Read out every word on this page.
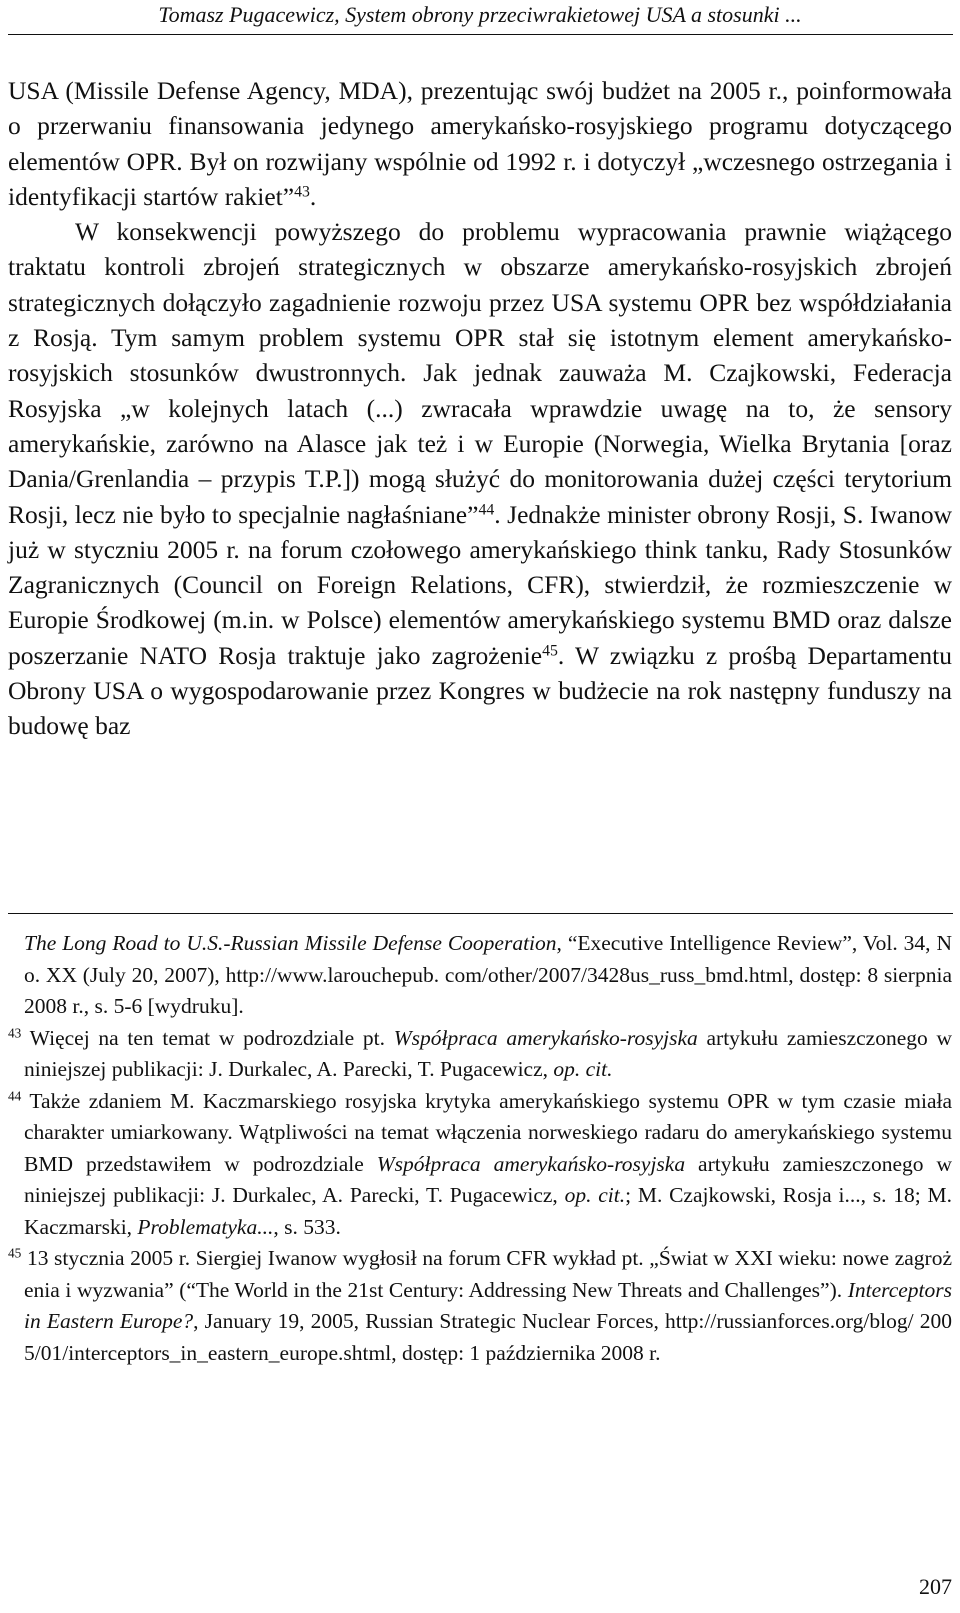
Tomasz Pugacewicz, System obrony przeciwrakietowej USA a stosunki ...

USA (Missile Defense Agency, MDA), prezentując swój budżet na 2005 r., poinformowała o przerwaniu finansowania jedynego amerykańsko-rosyjskiego programu dotyczącego elementów OPR. Był on rozwijany wspólnie od 1992 r. i dotyczył „wczesnego ostrzegania i identyfikacji startów rakiet”$^{43}$.

W konsekwencji powyższego do problemu wypracowania prawnie wiążącego traktatu kontroli zbrojeń strategicznych w obszarze amerykańsko-rosyjskich zbrojeń strategicznych dołączyło zagadnienie rozwoju przez USA systemu OPR bez współdziałania z Rosją. Tym samym problem systemu OPR stał się istotnym element amerykańsko-rosyjskich stosunków dwustronnych. Jak jednak zauważa M. Czajkowski, Federacja Rosyjska „w kolejnych latach (...) zwracała wprawdzie uwagę na to, że sensory amerykańskie, zarówno na Alasce jak też i w Europie (Norwegia, Wielka Brytania [oraz Dania/Grenlandia – przypis T.P.]) mogą służyć do monitorowania dużej części terytorium Rosji, lecz nie było to specjalnie nagłaśniane”$^{44}$. Jednakże minister obrony Rosji, S. Iwanow już w styczniu 2005 r. na forum czołowego amerykańskiego think tanku, Rady Stosunków Zagranicznych (Council on Foreign Relations, CFR), stwierdził, że rozmieszczenie w Europie Środkowej (m.in. w Polsce) elementów amerykańskiego systemu BMD oraz dalsze poszerzanie NATO Rosja traktuje jako zagrożenie$^{45}$. W związku z prośbą Departamentu Obrony USA o wygospodarowanie przez Kongres w budżecie na rok następny funduszy na budowę baz

The Long Road to U.S.-Russian Missile Defense Cooperation, “Executive Intelligence Review”, Vol. 34, No. XX (July 20, 2007), http://www.larouchepub. com/other/2007/3428us_russ_bmd.html, dostęp: 8 sierpnia 2008 r., s. 5-6 [wydruku].

$^{43}$ Więcej na ten temat w podrozdziale pt. Współpraca amerykańsko-rosyjska artykułu zamieszczonego w niniejszej publikacji: J. Durkalec, A. Parecki, T. Pugacewicz, op. cit.

$^{44}$ Także zdaniem M. Kaczmarskiego rosyjska krytyka amerykańskiego systemu OPR w tym czasie miała charakter umiarkowany. Wątpliwości na temat włączenia norweskiego radaru do amerykańskiego systemu BMD przedstawiłem w podrozdziale Współpraca amerykańsko-rosyjska artykułu zamieszczonego w niniejszej publikacji: J. Durkalec, A. Parecki, T. Pugacewicz, op. cit.; M. Czajkowski, Rosja i..., s. 18; M. Kaczmarski, Problematyka..., s. 533.

$^{45}$ 13 stycznia 2005 r. Siergiej Iwanow wygłosił na forum CFR wykład pt. „Świat w XXI wieku: nowe zagrożenia i wyzwania” (“The World in the 21st Century: Addressing New Threats and Challenges”). Interceptors in Eastern Europe?, January 19, 2005, Russian Strategic Nuclear Forces, http://russianforces.org/blog/ 2005/01/interceptors_in_eastern_europe.shtml, dostęp: 1 października 2008 r.

207
